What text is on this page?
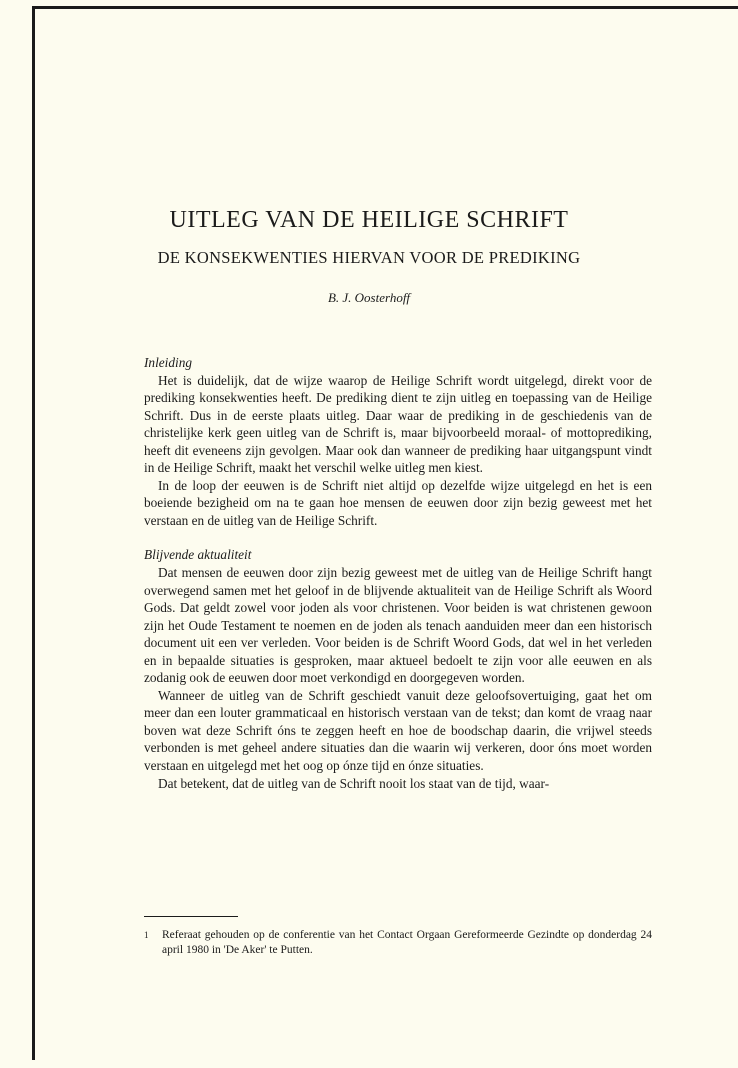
UITLEG VAN DE HEILIGE SCHRIFT
DE KONSEKWENTIES HIERVAN VOOR DE PREDIKING

B. J. Oosterhoff

Inleiding

Het is duidelijk, dat de wijze waarop de Heilige Schrift wordt uitgelegd, direkt voor de prediking konsekwenties heeft. De prediking dient te zijn uitleg en toepassing van de Heilige Schrift. Dus in de eerste plaats uitleg. Daar waar de prediking in de geschiedenis van de christelijke kerk geen uitleg van de Schrift is, maar bijvoorbeeld moraal- of mottoprediking, heeft dit eveneens zijn gevolgen. Maar ook dan wanneer de prediking haar uitgangspunt vindt in de Heilige Schrift, maakt het verschil welke uitleg men kiest.

In de loop der eeuwen is de Schrift niet altijd op dezelfde wijze uitgelegd en het is een boeiende bezigheid om na te gaan hoe mensen de eeuwen door zijn bezig geweest met het verstaan en de uitleg van de Heilige Schrift.

Blijvende aktualiteit

Dat mensen de eeuwen door zijn bezig geweest met de uitleg van de Heilige Schrift hangt overwegend samen met het geloof in de blijvende aktualiteit van de Heilige Schrift als Woord Gods. Dat geldt zowel voor joden als voor christenen. Voor beiden is wat christenen gewoon zijn het Oude Testament te noemen en de joden als tenach aanduiden meer dan een historisch document uit een ver verleden. Voor beiden is de Schrift Woord Gods, dat wel in het verleden en in bepaalde situaties is gesproken, maar aktueel bedoelt te zijn voor alle eeuwen en als zodanig ook de eeuwen door moet verkondigd en doorgegeven worden.

Wanneer de uitleg van de Schrift geschiedt vanuit deze geloofsovertuiging, gaat het om meer dan een louter grammaticaal en historisch verstaan van de tekst; dan komt de vraag naar boven wat deze Schrift óns te zeggen heeft en hoe de boodschap daarin, die vrijwel steeds verbonden is met geheel andere situaties dan die waarin wij verkeren, door óns moet worden verstaan en uitgelegd met het oog op ónze tijd en ónze situaties.

Dat betekent, dat de uitleg van de Schrift nooit los staat van de tijd, waar-

1 Referaat gehouden op de conferentie van het Contact Orgaan Gereformeerde Gezindte op donderdag 24 april 1980 in 'De Aker' te Putten.
